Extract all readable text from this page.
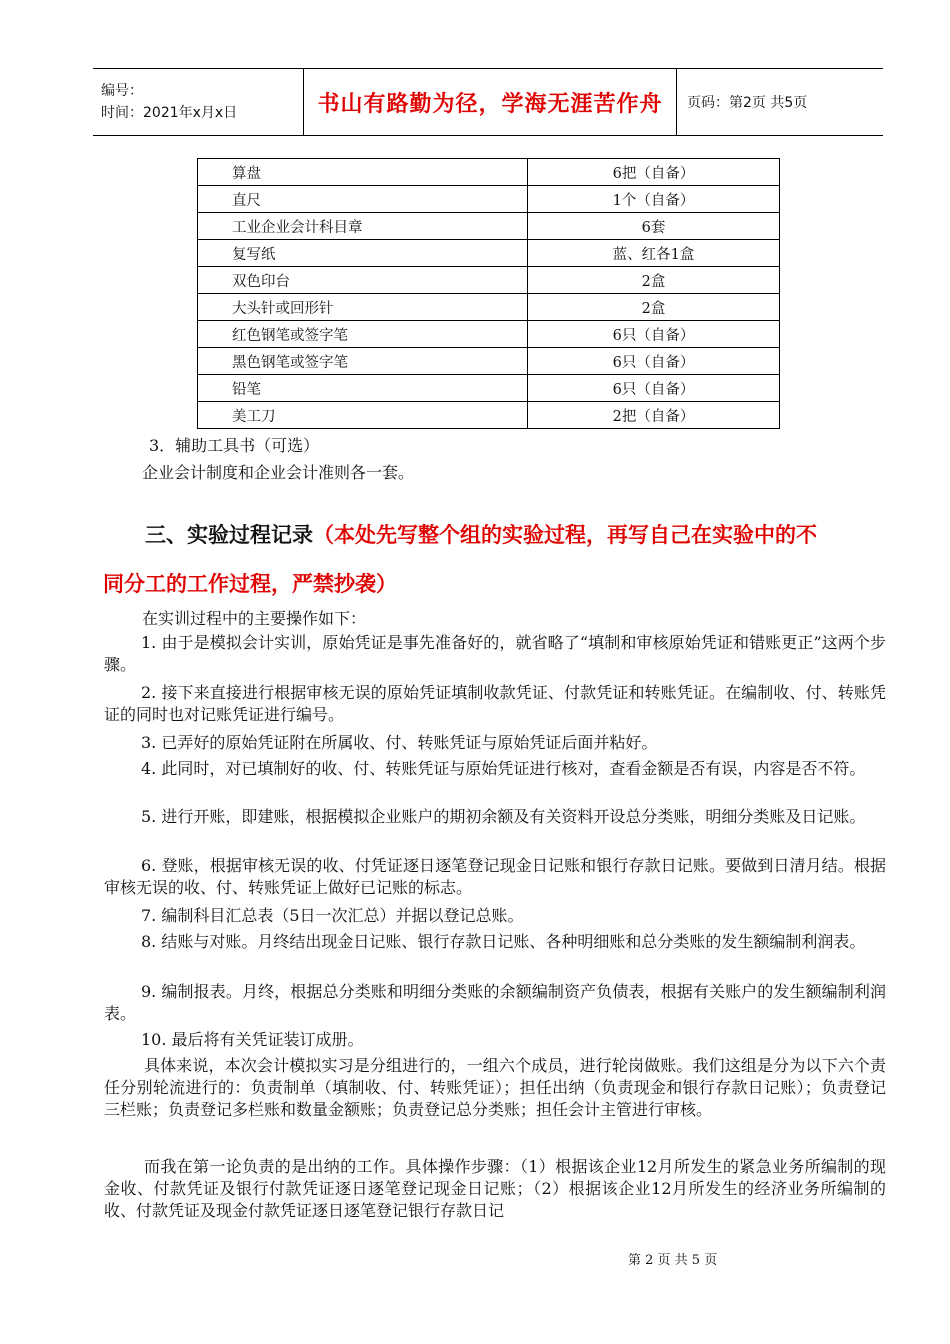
编号：
时间：2021年x月x日	书山有路勤为径，学海无涯苦作舟	页码：第2页 共5页
算盘	6把（自备）
直尺	1个（自备）
工业企业会计科目章	6套
复写纸	蓝、红各1盒
双色印台	2盒
大头针或回形针	2盒
红色钢笔或签字笔	6只（自备）
黑色钢笔或签字笔	6只（自备）
铅笔	6只（自备）
美工刀	2把（自备）
3．辅助工具书（可选）
企业会计制度和企业会计准则各一套。
三、实验过程记录（本处先写整个组的实验过程，再写自己在实验中的不
同分工的工作过程，严禁抄袭）
在实训过程中的主要操作如下：
1. 由于是模拟会计实训，原始凭证是事先准备好的，就省略了“填制和审核原始凭证和错账更正”这两个步骤。
2. 接下来直接进行根据审核无误的原始凭证填制收款凭证、付款凭证和转账凭证。在编制收、付、转账凭证的同时也对记账凭证进行编号。
3. 已弄好的原始凭证附在所属收、付、转账凭证与原始凭证后面并粘好。
4. 此同时，对已填制好的收、付、转账凭证与原始凭证进行核对，查看金额是否有误，内容是否不符。
5. 进行开账，即建账，根据模拟企业账户的期初余额及有关资料开设总分类账，明细分类账及日记账。
6. 登账，根据审核无误的收、付凭证逐日逐笔登记现金日记账和银行存款日记账。要做到日清月结。根据审核无误的收、付、转账凭证上做好已记账的标志。
7. 编制科目汇总表（5日一次汇总）并据以登记总账。
8. 结账与对账。月终结出现金日记账、银行存款日记账、各种明细账和总分类账的发生额编制利润表。
9. 编制报表。月终，根据总分类账和明细分类账的余额编制资产负债表，根据有关账户的发生额编制利润表。
10. 最后将有关凭证装订成册。
具体来说，本次会计模拟实习是分组进行的，一组六个成员，进行轮岗做账。我们这组是分为以下六个责任分别轮流进行的：负责制单（填制收、付、转账凭证）；担任出纳（负责现金和银行存款日记账）；负责登记三栏账；负责登记多栏账和数量金额账；负责登记总分类账；担任会计主管进行审核。
而我在第一论负责的是出纳的工作。具体操作步骤：（1）根据该企业12月所发生的紧急业务所编制的现金收、付款凭证及银行付款凭证逐日逐笔登记现金日记账；（2）根据该企业12月所发生的经济业务所编制的收、付款凭证及现金付款凭证逐日逐笔登记银行存款日记
第 2 页 共 5 页
